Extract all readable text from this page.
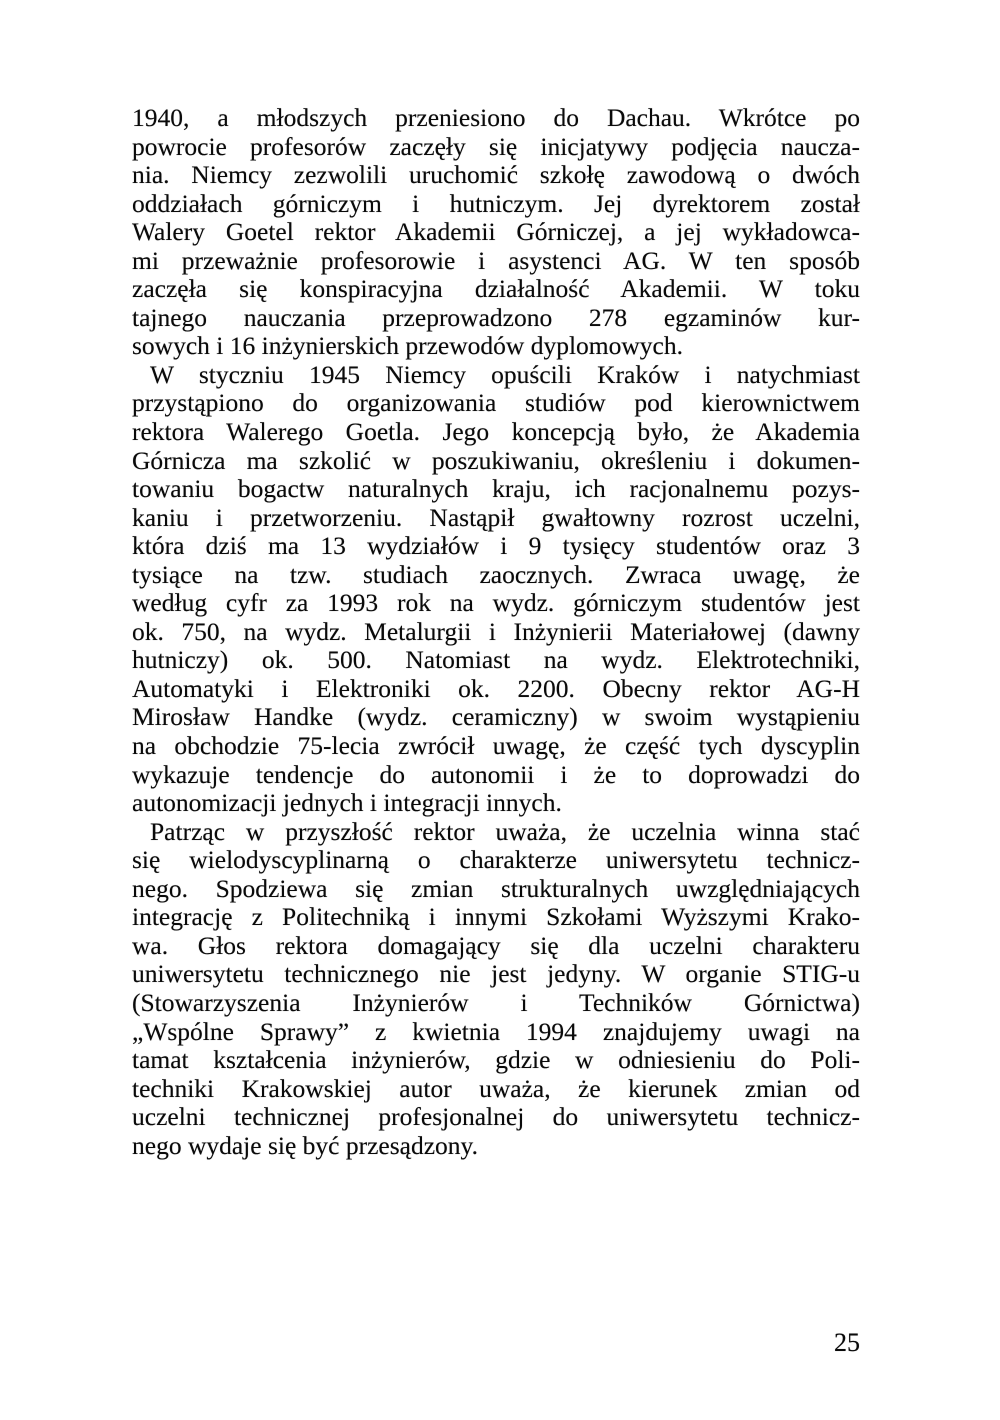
1940, a młodszych przeniesiono do Dachau. Wkrótce po
powrocie profesorów zaczęły się inicjatywy podjęcia naucza-
nia. Niemcy zezwolili uruchomić szkołę zawodową o dwóch
oddziałach górniczym i hutniczym. Jej dyrektorem został
Walery Goetel rektor Akademii Górniczej, a jej wykładowca-
mi przeważnie profesorowie i asystenci AG. W ten sposób
zaczęła się konspiracyjna działalność Akademii. W toku
tajnego nauczania przeprowadzono 278 egzaminów kur-
sowych i 16 inżynierskich przewodów dyplomowych.
W styczniu 1945 Niemcy opuścili Kraków i natychmiast
przystąpiono do organizowania studiów pod kierownictwem
rektora Walerego Goetla. Jego koncepcją było, że Akademia
Górnicza ma szkolić w poszukiwaniu, określeniu i dokumen-
towaniu bogactw naturalnych kraju, ich racjonalnemu pozys-
kaniu i przetworzeniu. Nastąpił gwałtowny rozrost uczelni,
która dziś ma 13 wydziałów i 9 tysięcy studentów oraz 3
tysiące na tzw. studiach zaocznych. Zwraca uwagę, że
według cyfr za 1993 rok na wydz. górniczym studentów jest
ok. 750, na wydz. Metalurgii i Inżynierii Materiałowej (dawny
hutniczy) ok. 500. Natomiast na wydz. Elektrotechniki,
Automatyki i Elektroniki ok. 2200. Obecny rektor AG-H
Mirosław Handke (wydz. ceramiczny) w swoim wystąpieniu
na obchodzie 75-lecia zwrócił uwagę, że część tych dyscyplin
wykazuje tendencje do autonomii i że to doprowadzi do
autonomizacji jednych i integracji innych.
Patrząc w przyszłość rektor uważa, że uczelnia winna stać
się wielodyscyplinarną o charakterze uniwersytetu technicz-
nego. Spodziewa się zmian strukturalnych uwzględniających
integrację z Politechniką i innymi Szkołami Wyższymi Krako-
wa. Głos rektora domagający się dla uczelni charakteru
uniwersytetu technicznego nie jest jedyny. W organie STIG-u
(Stowarzyszenia Inżynierów i Techników Górnictwa)
„Wspólne Sprawy” z kwietnia 1994 znajdujemy uwagi na
tamat kształcenia inżynierów, gdzie w odniesieniu do Poli-
techniki Krakowskiej autor uważa, że kierunek zmian od
uczelni technicznej profesjonalnej do uniwersytetu technicz-
nego wydaje się być przesądzony.
25
